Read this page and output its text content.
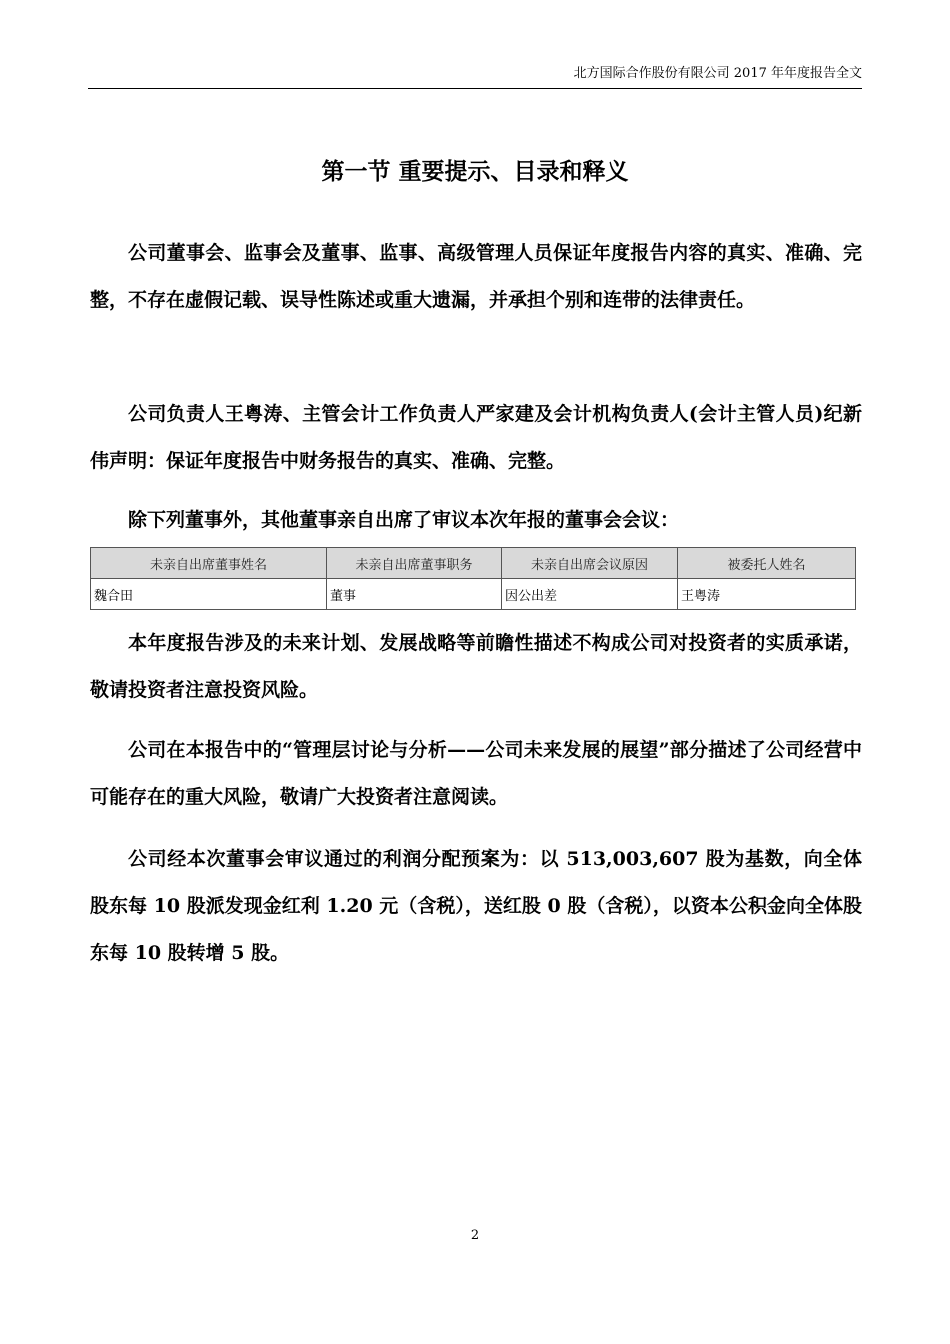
北方国际合作股份有限公司 2017 年年度报告全文
第一节 重要提示、目录和释义

公司董事会、监事会及董事、监事、高级管理人员保证年度报告内容的真实、准确、完整，不存在虚假记载、误导性陈述或重大遗漏，并承担个别和连带的法律责任。

公司负责人王粤涛、主管会计工作负责人严家建及会计机构负责人(会计主管人员)纪新伟声明：保证年度报告中财务报告的真实、准确、完整。

除下列董事外，其他董事亲自出席了审议本次年报的董事会会议：

未亲自出席董事姓名	未亲自出席董事职务	未亲自出席会议原因	被委托人姓名
魏合田	董事	因公出差	王粤涛

本年度报告涉及的未来计划、发展战略等前瞻性描述不构成公司对投资者的实质承诺，敬请投资者注意投资风险。

公司在本报告中的“管理层讨论与分析——公司未来发展的展望”部分描述了公司经营中可能存在的重大风险，敬请广大投资者注意阅读。

公司经本次董事会审议通过的利润分配预案为：以 513,003,607 股为基数，向全体股东每 10 股派发现金红利 1.20 元（含税），送红股 0 股（含税），以资本公积金向全体股东每 10 股转增 5 股。

2
